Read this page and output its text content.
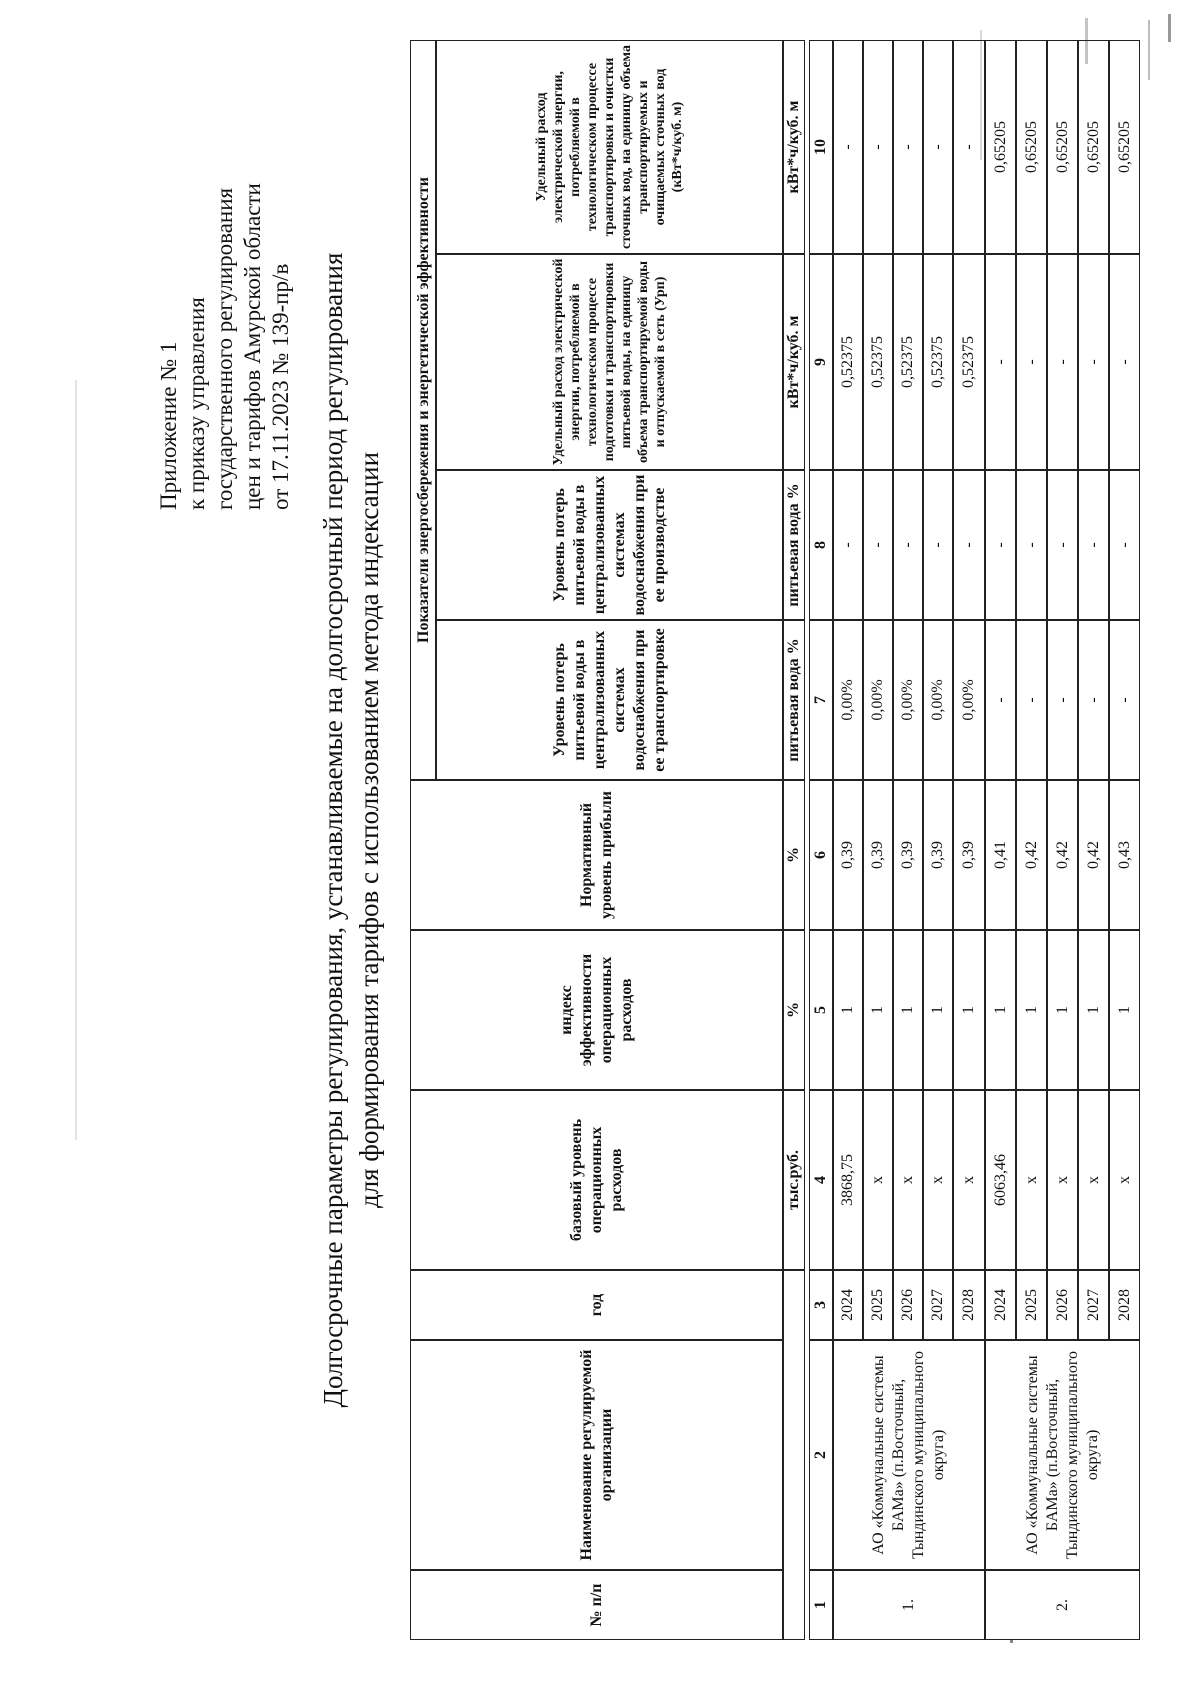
Приложение № 1 к приказу управления государственного регулирования цен и тарифов Амурской области от 17.11.2023 № 139-пр/в Долгосрочные параметры регулирования, устанавливаемые на долгосрочный период регулирования для формирования тарифов с использованием метода индексации
№ п/п
Наименование регулируемой организации
год
базовый уровень операционных расходов
индекс эффективности операционных расходов
Нормативный уровень прибыли
Показатели энергосбережения и энергетической эффективности
Уровень потерь питьевой воды в централизованных системах водоснабжения при ее транспортировке
Уровень потерь питьевой воды в централизованных системах водоснабжения при ее производстве
Удельный расход электрической энергии, потребляемой в технологическом процессе подготовки и транспортировки питьевой воды, на единицу объема транспортируемой воды и отпускаемой в сеть (Урп)
Удельный расход электрической энергии, потребляемой в технологическом процессе транспортировки и очистки сточных вод, на единицу объема транспортируемых и очищаемых сточных вод (кВт*ч/куб. м)
тыс.руб.
%
%
питьевая вода %
питьевая вода %
кВт*ч/куб. м
кВт*ч/куб. м
1
2
3
4
5
6
7
8
9
10
1.
АО «Коммунальные системы БАМа» (п.Восточный, Тындинского муниципального округа)
2024
3868,75
1
0,39
0,00%
-
0,52375
-
2025
х
1
0,39
0,00%
-
0,52375
-
2026
х
1
0,39
0,00%
-
0,52375
-
2027
х
1
0,39
0,00%
-
0,52375
-
2028
х
1
0,39
0,00%
-
0,52375
-
2.
АО «Коммунальные системы БАМа» (п.Восточный, Тындинского муниципального округа)
2024
6063,46
1
0,41
-
-
-
0,65205
2025
х
1
0,42
-
-
-
0,65205
2026
х
1
0,42
-
-
-
0,65205
2027
х
1
0,42
-
-
-
0,65205
2028
х
1
0,43
-
-
-
0,65205
